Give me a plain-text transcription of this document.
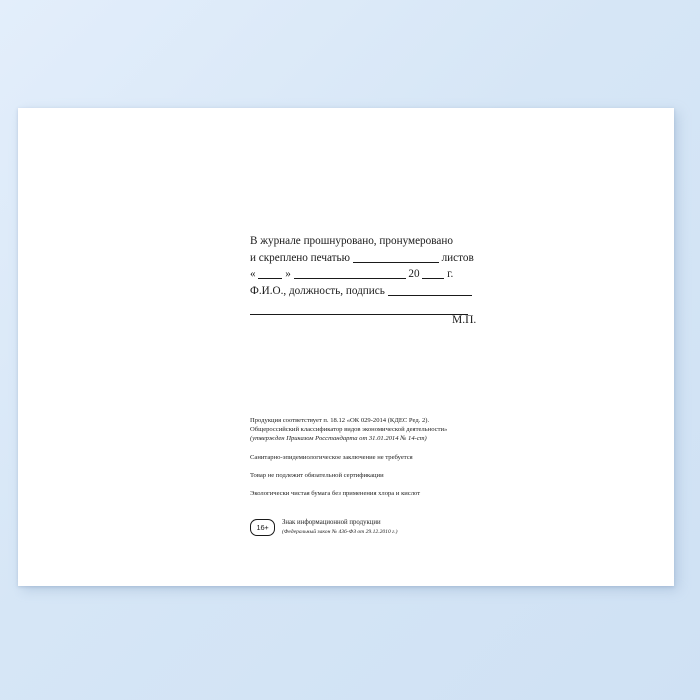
В журнале прошнуровано, пронумеровано
и скреплено печатью	листов
«	»	20 г.
Ф.И.О., должность, подпись
М.П.

Продукция соответствует п. 18.12 «ОК 029-2014 (КДЕС Ред. 2).

Общероссийский классификатор видов экономической деятельности»

(утвержден Приказом Росстандарта от 31.01.2014 № 14-ст)

Санитарно-эпидемиологическое заключение не требуется

Товар не подлежит обязательной сертификации

Экологически чистая бумага без применения хлора и кислот

16+
Знак информационной продукции
(Федеральный закон № 436-ФЗ от 29.12.2010 г.)
